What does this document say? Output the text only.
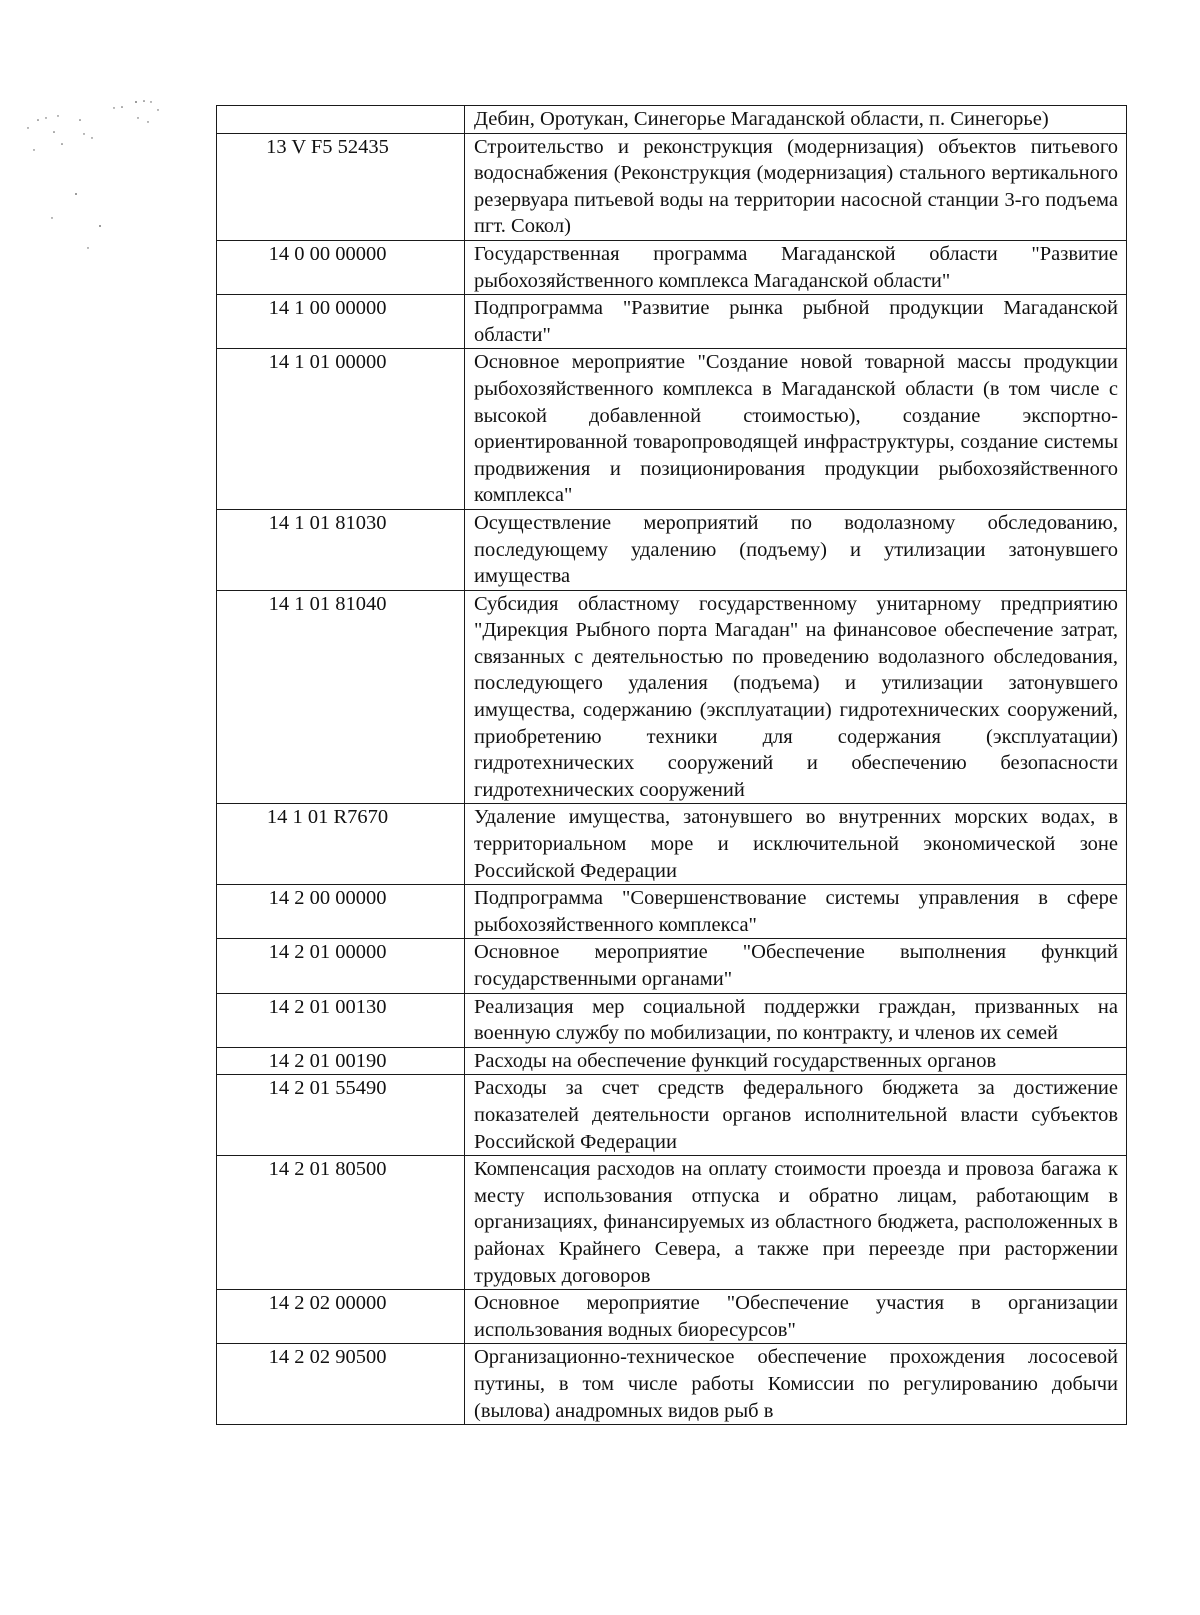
	Дебин, Оротукан, Синегорье Магаданской области, п. Синегорье)
13 V F5 52435	Строительство и реконструкция (модернизация) объектов питьевого водоснабжения (Реконструкция (модернизация) стального вертикального резервуара питьевой воды на территории насосной станции 3-го подъема пгт. Сокол)
14 0 00 00000	Государственная программа Магаданской области "Развитие рыбохозяйственного комплекса Магаданской области"
14 1 00 00000	Подпрограмма "Развитие рынка рыбной продукции Магаданской области"
14 1 01 00000	Основное мероприятие "Создание новой товарной массы продукции рыбохозяйственного комплекса в Магаданской области (в том числе с высокой добавленной стоимостью), создание экспортно-ориентированной товаропроводящей инфраструктуры, создание системы продвижения и позиционирования продукции рыбохозяйственного комплекса"
14 1 01 81030	Осуществление мероприятий по водолазному обследованию, последующему удалению (подъему) и утилизации затонувшего имущества
14 1 01 81040	Субсидия областному государственному унитарному предприятию "Дирекция Рыбного порта Магадан" на финансовое обеспечение затрат, связанных с деятельностью по проведению водолазного обследования, последующего удаления (подъема) и утилизации затонувшего имущества, содержанию (эксплуатации) гидротехнических сооружений, приобретению техники для содержания (эксплуатации) гидротехнических сооружений и обеспечению безопасности гидротехнических сооружений
14 1 01 R7670	Удаление имущества, затонувшего во внутренних морских водах, в территориальном море и исключительной экономической зоне Российской Федерации
14 2 00 00000	Подпрограмма "Совершенствование системы управления в сфере рыбохозяйственного комплекса"
14 2 01 00000	Основное мероприятие "Обеспечение выполнения функций государственными органами"
14 2 01 00130	Реализация мер социальной поддержки граждан, призванных на военную службу по мобилизации, по контракту, и членов их семей
14 2 01 00190	Расходы на обеспечение функций государственных органов
14 2 01 55490	Расходы за счет средств федерального бюджета за достижение показателей деятельности органов исполнительной власти субъектов Российской Федерации
14 2 01 80500	Компенсация расходов на оплату стоимости проезда и провоза багажа к месту использования отпуска и обратно лицам, работающим в организациях, финансируемых из областного бюджета, расположенных в районах Крайнего Севера, а также при переезде при расторжении трудовых договоров
14 2 02 00000	Основное мероприятие "Обеспечение участия в организации использования водных биоресурсов"
14 2 02 90500	Организационно-техническое обеспечение прохождения лососевой путины, в том числе работы Комиссии по регулированию добычи (вылова) анадромных видов рыб в
